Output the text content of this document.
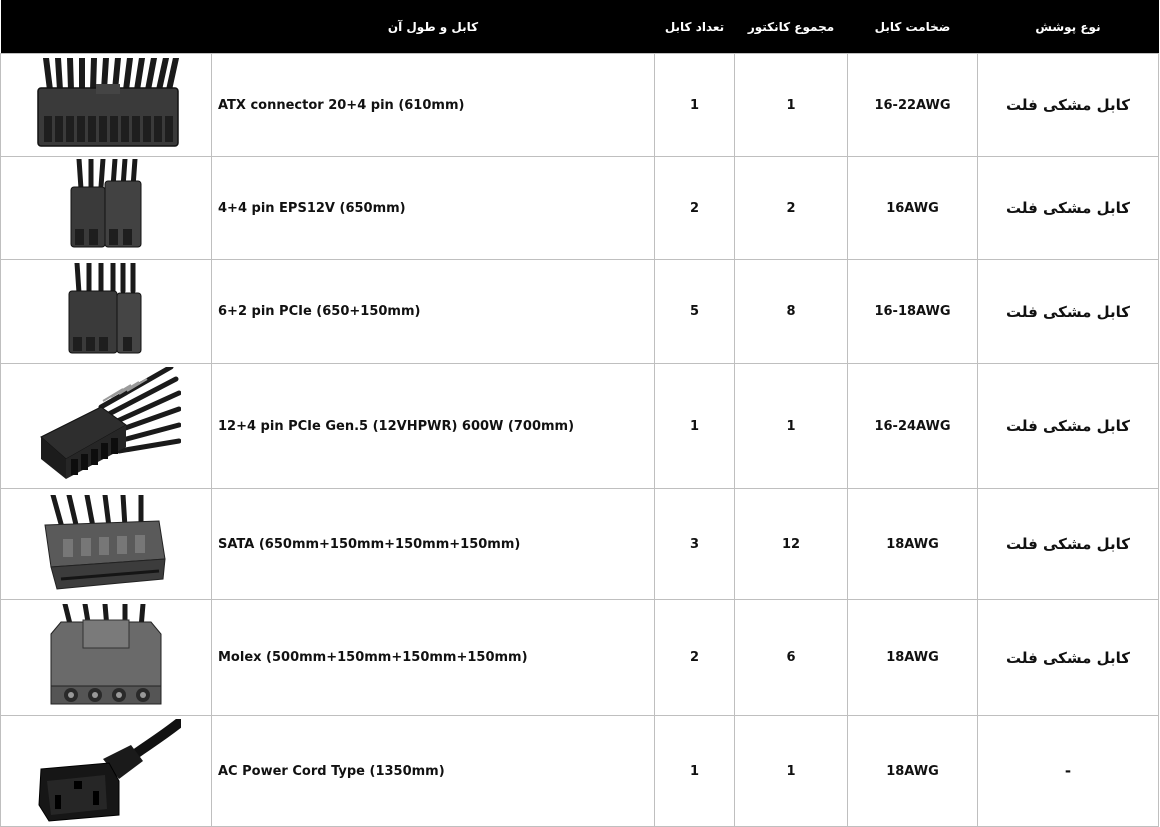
	کابل و طول آن	تعداد کابل	مجموع کانکتور	ضخامت کابل	نوع پوشش

	ATX connector 20+4 pin (610mm)	1	1	16-22AWG	کابل مشکی فلت

	4+4 pin EPS12V (650mm)	2	2	16AWG	کابل مشکی فلت

	6+2 pin PCIe (650+150mm)	5	8	16-18AWG	کابل مشکی فلت

	12+4 pin PCIe Gen.5 (12VHPWR) 600W (700mm)	1	1	16-24AWG	کابل مشکی فلت

	SATA (650mm+150mm+150mm+150mm)	3	12	18AWG	کابل مشکی فلت

	Molex (500mm+150mm+150mm+150mm)	2	6	18AWG	کابل مشکی فلت

	AC Power Cord Type (1350mm)	1	1	18AWG	-
